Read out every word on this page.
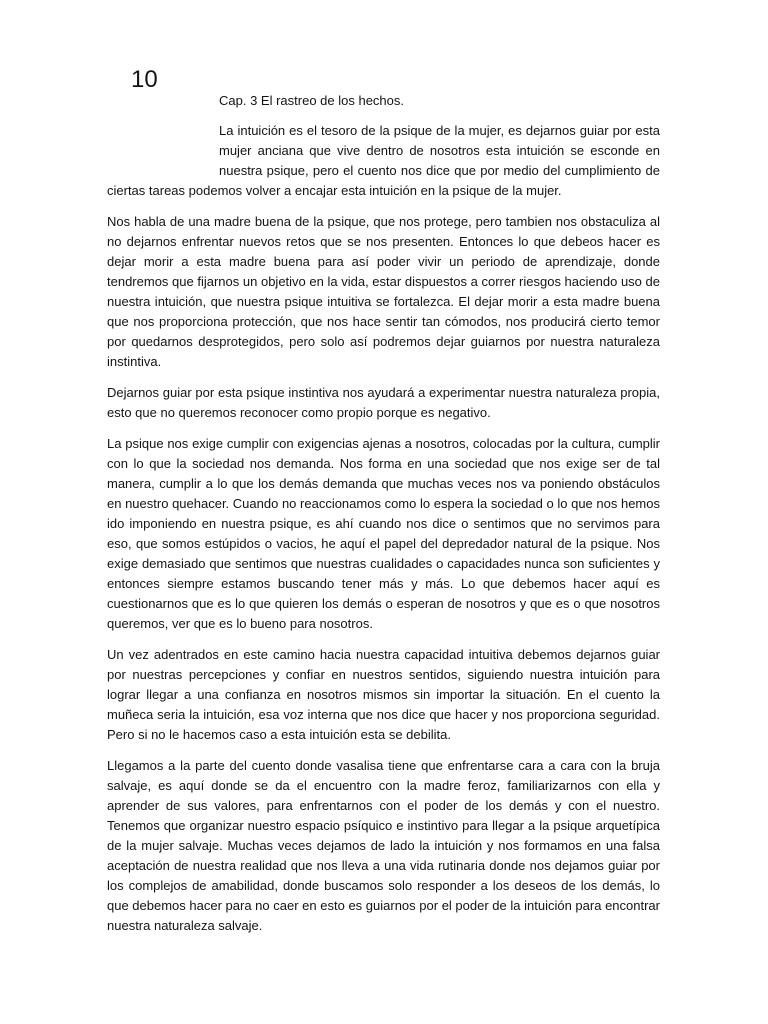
10
Cap. 3 El rastreo de los hechos.

La intuición es el tesoro de la psique de la mujer, es dejarnos guiar por esta mujer anciana que vive dentro de nosotros esta intuición se esconde en nuestra psique, pero el cuento nos dice que por medio del cumplimiento de ciertas tareas podemos volver a encajar esta intuición en la psique de la mujer.

Nos habla de una madre buena de la psique, que nos protege, pero tambien nos obstaculiza al no dejarnos enfrentar nuevos retos que se nos presenten. Entonces lo que debeos hacer es dejar morir a esta madre buena para así poder vivir un periodo de aprendizaje, donde tendremos que fijarnos un objetivo en la vida, estar dispuestos a correr riesgos haciendo uso de nuestra intuición, que nuestra psique intuitiva se fortalezca. El dejar morir a esta madre buena que nos proporciona protección, que nos hace sentir tan cómodos, nos producirá cierto temor por quedarnos desprotegidos, pero solo así podremos dejar guiarnos por nuestra naturaleza instintiva.

Dejarnos guiar por esta psique instintiva nos ayudará a experimentar nuestra naturaleza propia, esto que no queremos reconocer como propio porque es negativo.

La psique nos exige cumplir con exigencias ajenas a nosotros, colocadas por la cultura, cumplir con lo que la sociedad nos demanda. Nos forma en una sociedad que nos exige ser de tal manera, cumplir a lo que los demás demanda que muchas veces nos va poniendo obstáculos en nuestro quehacer. Cuando no reaccionamos como lo espera la sociedad o lo que nos hemos ido imponiendo en nuestra psique, es ahí cuando nos dice o sentimos que no servimos para eso, que somos estúpidos o vacios, he aquí el papel del depredador natural de la psique. Nos exige demasiado que sentimos que nuestras cualidades o capacidades nunca son suficientes y entonces siempre estamos buscando tener más y más. Lo que debemos hacer aquí es cuestionarnos que es lo que quieren los demás o esperan de nosotros y que es o que nosotros queremos, ver que es lo bueno para nosotros.

Un vez adentrados en este camino hacia nuestra capacidad intuitiva debemos dejarnos guiar por nuestras percepciones y confiar en nuestros sentidos, siguiendo nuestra intuición para lograr llegar a una confianza en nosotros mismos sin importar la situación. En el cuento la muñeca seria la intuición, esa voz interna que nos dice que hacer y nos proporciona seguridad. Pero si no le hacemos caso a esta intuición esta se debilita.

Llegamos a la parte del cuento donde vasalisa tiene que enfrentarse cara a cara con la bruja salvaje, es aquí donde se da el encuentro con la madre feroz, familiarizarnos con ella y aprender de sus valores, para enfrentarnos con el poder de los demás y con el nuestro. Tenemos que organizar nuestro espacio psíquico e instintivo para llegar a la psique arquetípica de la mujer salvaje. Muchas veces dejamos de lado la intuición y nos formamos en una falsa aceptación de nuestra realidad que nos lleva a una vida rutinaria donde nos dejamos guiar por los complejos de amabilidad, donde buscamos solo responder a los deseos de los demás, lo que debemos hacer para no caer en esto es guiarnos por el poder de la intuición para encontrar nuestra naturaleza salvaje.
